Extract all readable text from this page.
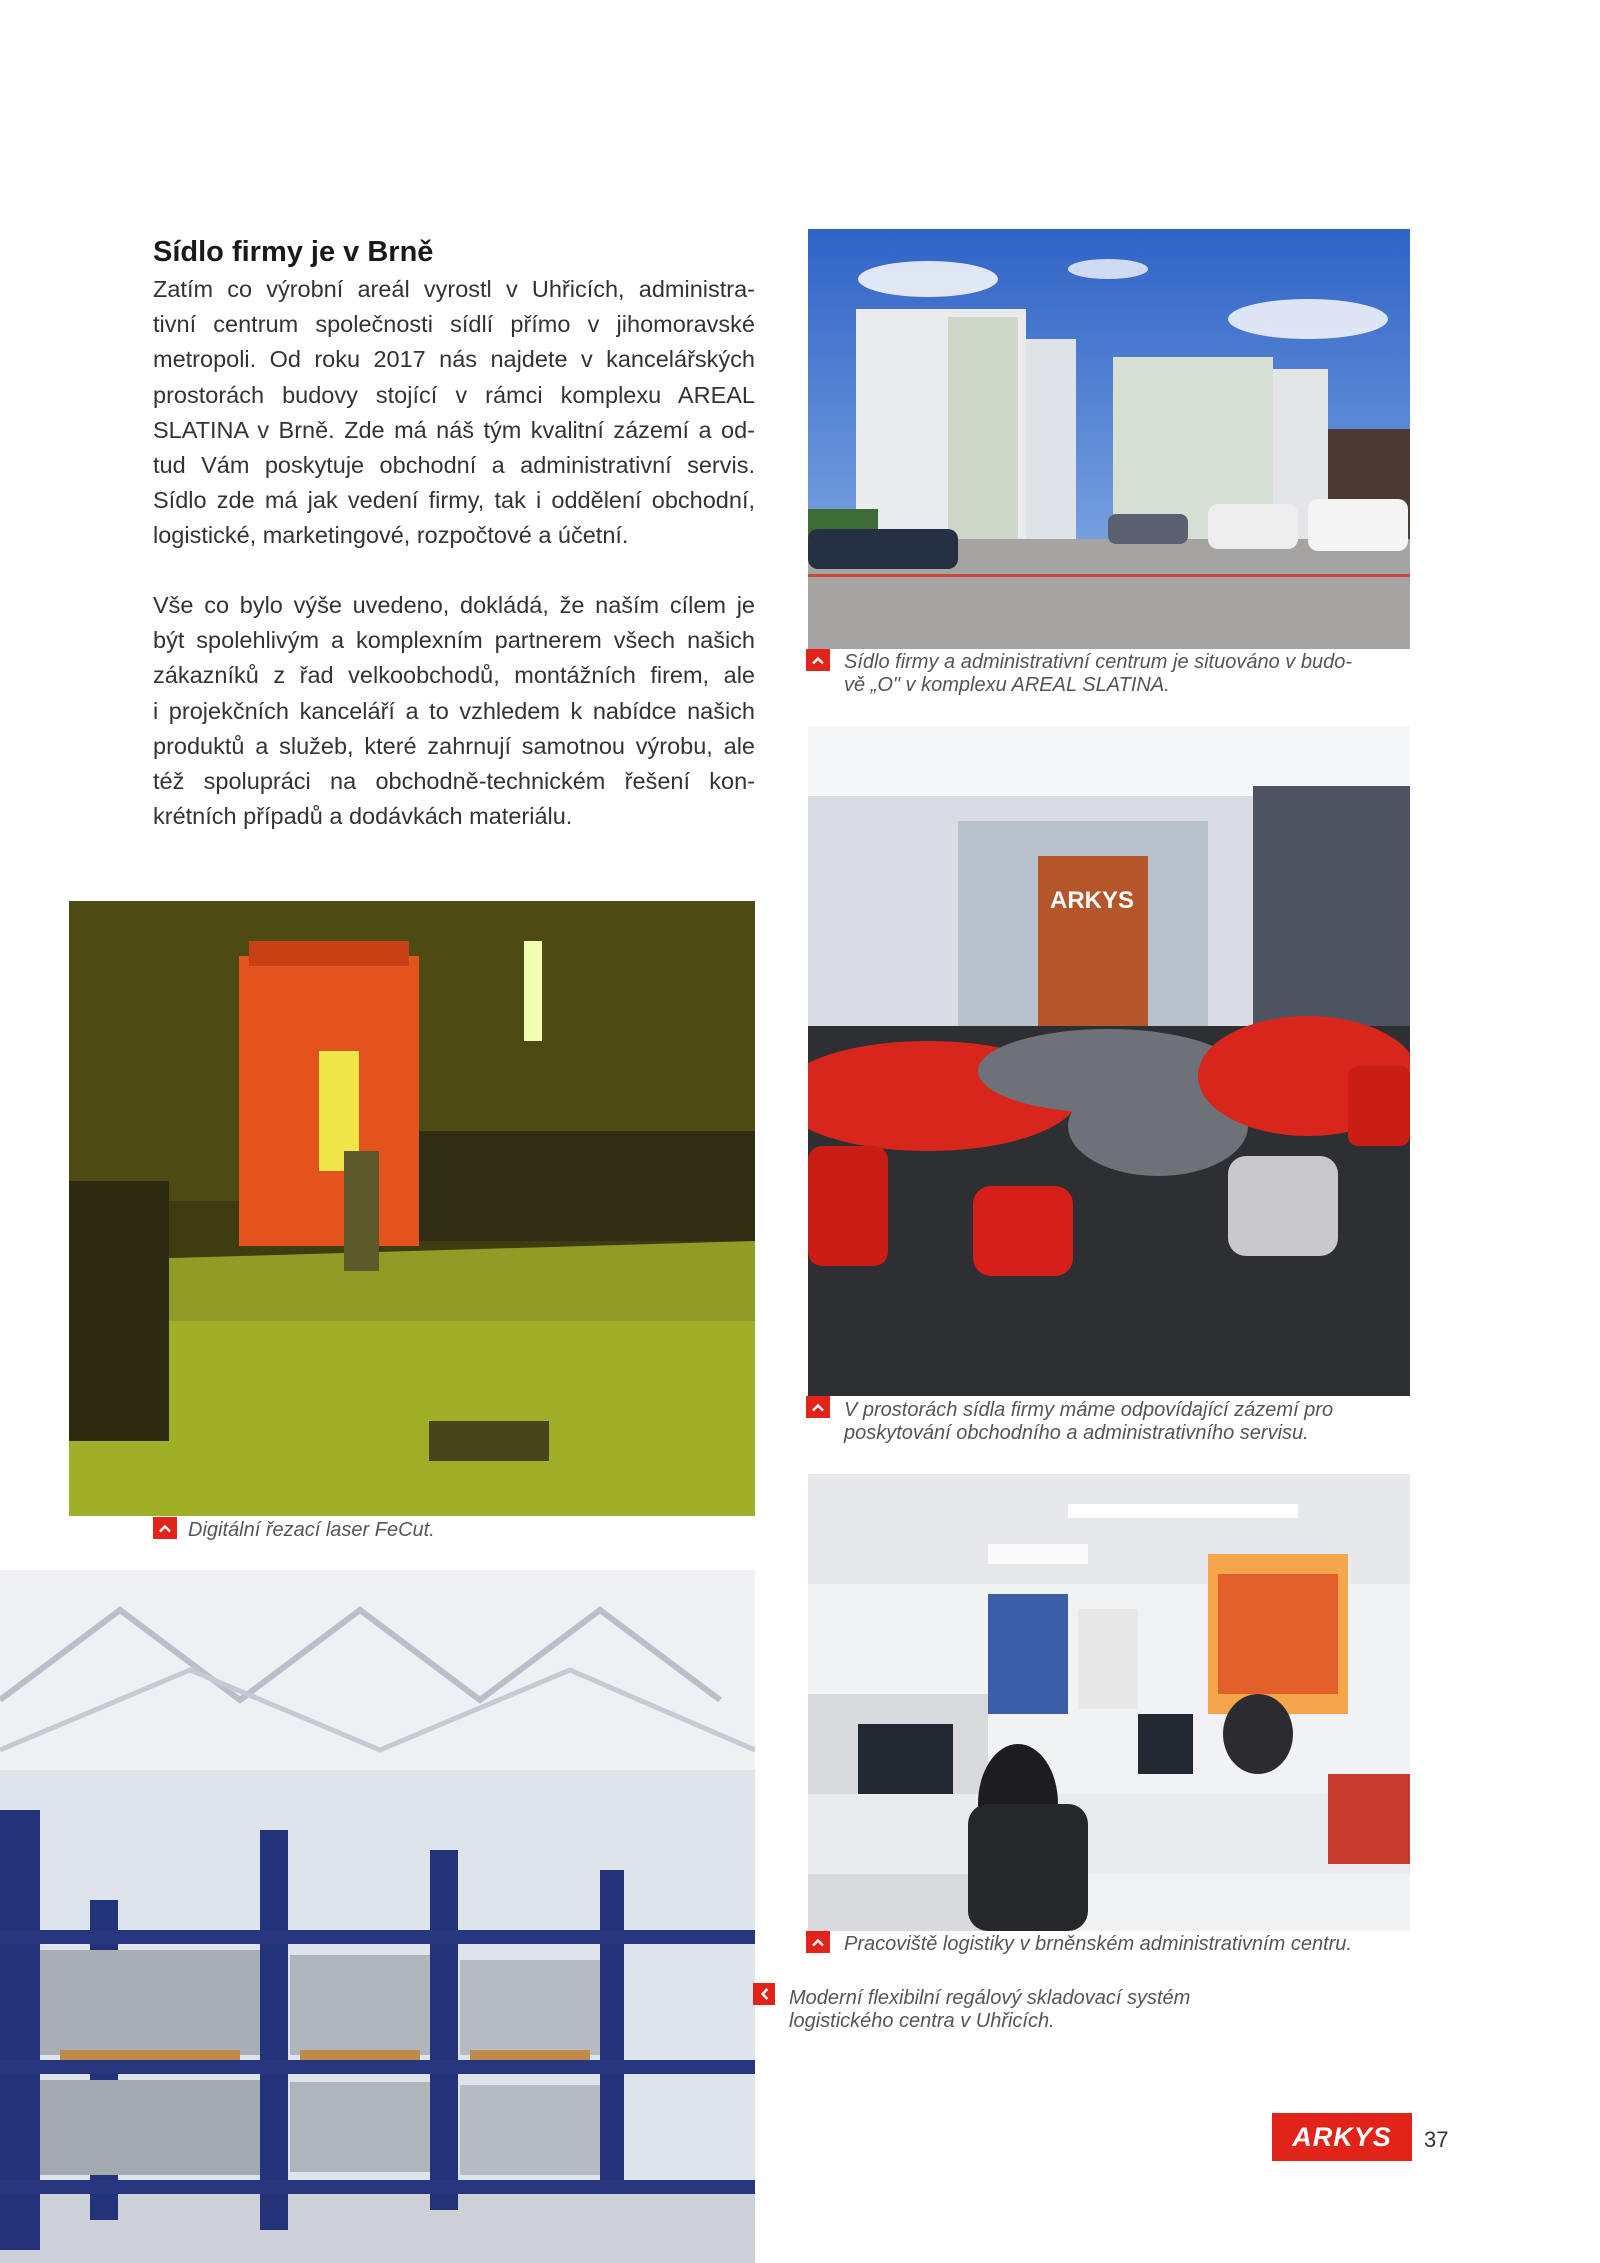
Sídlo firmy je v Brně
Zatím co výrobní areál vyrostl v Uhřicích, administra-
tivní centrum společnosti sídlí přímo v jihomoravské
metropoli. Od roku 2017 nás najdete v kancelářských
prostorách budovy stojící v rámci komplexu AREAL
SLATINA v Brně. Zde má náš tým kvalitní zázemí a od-
tud Vám poskytuje obchodní a administrativní servis.
Sídlo zde má jak vedení firmy, tak i oddělení obchodní,
logistické, marketingové, rozpočtové a účetní.
Vše co bylo výše uvedeno, dokládá, že naším cílem je
být spolehlivým a komplexním partnerem všech našich
zákazníků z řad velkoobchodů, montážních firem, ale
i projekčních kanceláří a to vzhledem k nabídce našich
produktů a služeb, které zahrnují samotnou výrobu, ale
též spolupráci na obchodně-technickém řešení kon-
krétních případů a dodávkách materiálu.
Sídlo firmy a administrativní centrum je situováno v budo-
vě „O" v komplexu AREAL SLATINA.
ARKYS
V prostorách sídla firmy máme odpovídající zázemí pro
poskytování obchodního a administrativního servisu.
Digitální řezací laser FeCut.
Pracoviště logistiky v brněnském administrativním centru.
Moderní flexibilní regálový skladovací systém
logistického centra v Uhřicích.
ARKYS	37
